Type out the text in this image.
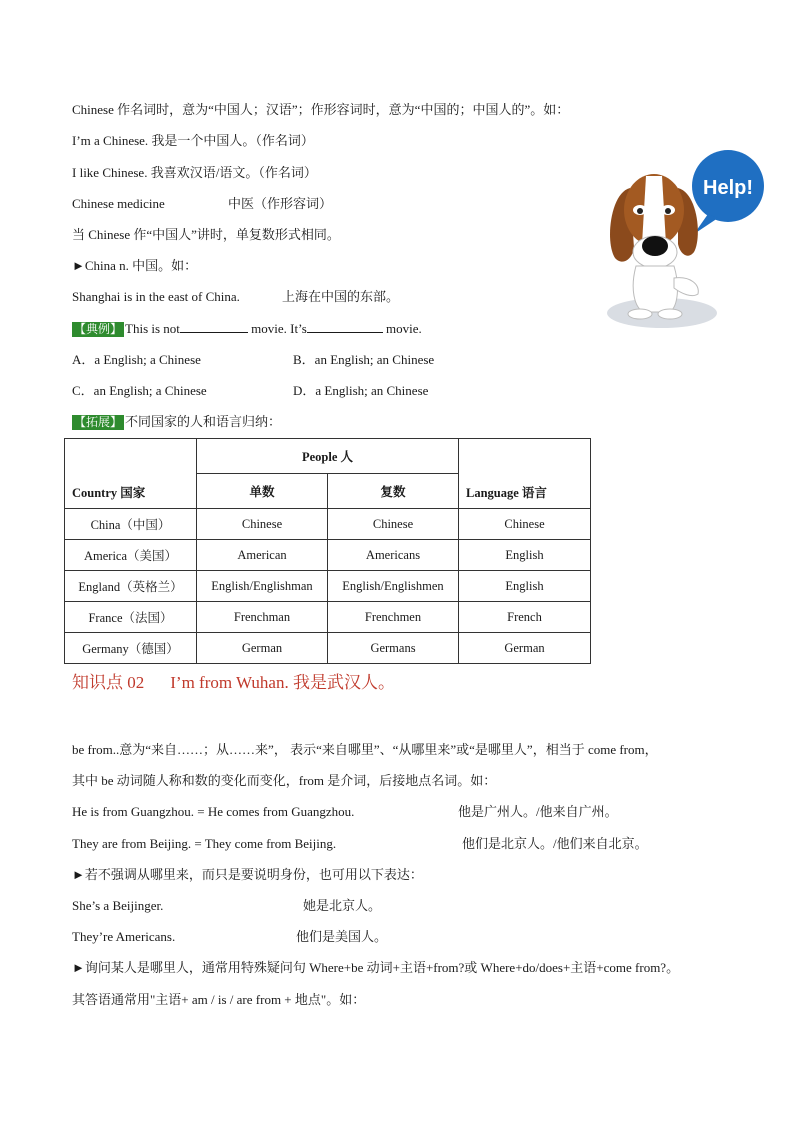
Chinese 作名词时，意为“中国人；汉语”；作形容词时，意为“中国的；中国人的”。如：
I’m a Chinese. 我是一个中国人。（作名词）
I like Chinese. 我喜欢汉语/语文。（作名词）
Chinese medicine	中医（作形容词）
当 Chinese 作“中国人”讲时，单复数形式相同。
►China n. 中国。如：
Shanghai is in the east of China.	上海在中国的东部。
【典例】 This is not	movie. It’s	movie.
A．a English; a Chinese	B．an English; an Chinese
C．an English; a Chinese	D．a English; an Chinese
【拓展】 不同国家的人和语言归纳：
Country 国家	People 人		Language 语言
	单数	复数	
China（中国）	Chinese	Chinese	Chinese
America（美国）	American	Americans	English
England（英格兰）	English/Englishman	English/Englishmen	English
France（法国）	Frenchman	Frenchmen	French
Germany（德国）	German	Germans	German
知识点 02 I’m from Wuhan. 我是武汉人。
be from..意为“来自……；从……来”， 表示“来自哪里”、“从哪里来”或“是哪里人”，相当于 come from，
其中 be 动词随人称和数的变化而变化，from 是介词，后接地点名词。如：
He is from Guangzhou. = He comes from Guangzhou.	他是广州人。/他来自广州。
They are from Beijing. = They come from Beijing.	他们是北京人。/他们来自北京。
►若不强调从哪里来，而只是要说明身份，也可用以下表达：
She’s a Beijinger.	她是北京人。
They’re Americans.	他们是美国人。
►询问某人是哪里人，通常用特殊疑问句 Where+be 动词+主语+from?或 Where+do/does+主语+come from?。
其答语通常用"主语+ am / is / are from + 地点"。如：
Help!
